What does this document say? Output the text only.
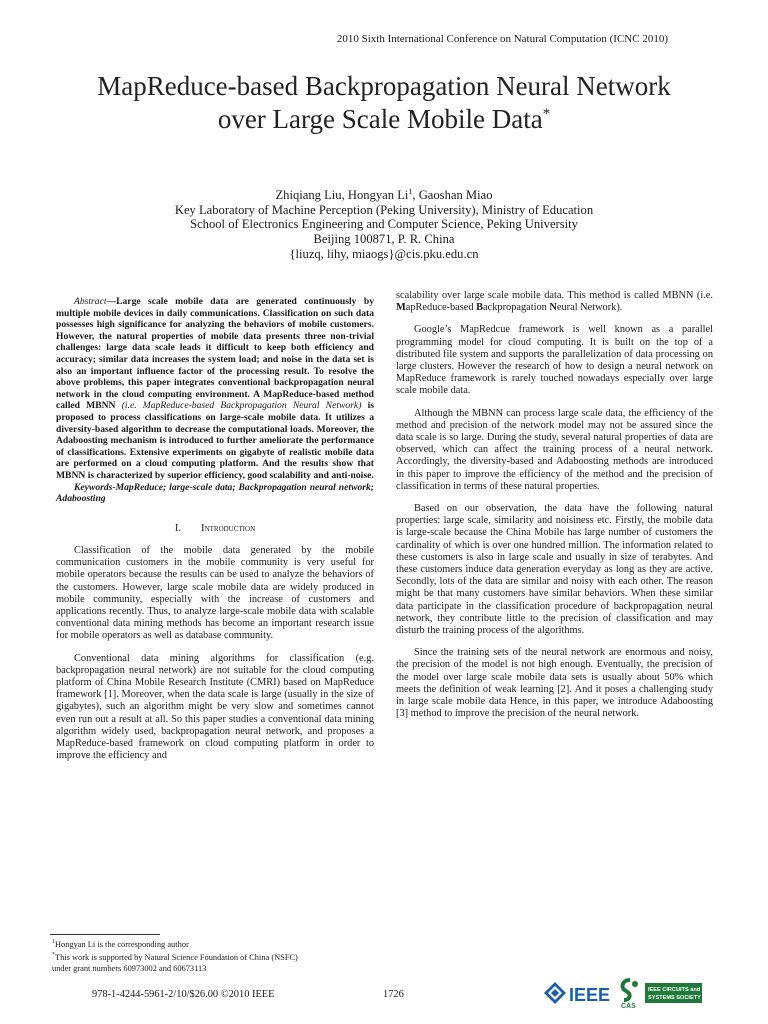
2010 Sixth International Conference on Natural Computation (ICNC 2010)
MapReduce-based Backpropagation Neural Network
over Large Scale Mobile Data*
Zhiqiang Liu, Hongyan Li$^1$, Gaoshan Miao
Key Laboratory of Machine Perception (Peking University), Ministry of Education
School of Electronics Engineering and Computer Science, Peking University
Beijing 100871, P. R. China
{liuzq, lihy, miaogs}@cis.pku.edu.cn

Abstract—Large scale mobile data are generated continuously by multiple mobile devices in daily communications. Classification on such data possesses high significance for analyzing the behaviors of mobile customers. However, the natural properties of mobile data presents three non-trivial challenges: large data scale leads it difficult to keep both efficiency and accuracy; similar data increases the system load; and noise in the data set is also an important influence factor of the processing result. To resolve the above problems, this paper integrates conventional backpropagation neural network in the cloud computing environment. A MapReduce-based method called MBNN (i.e. MapReduce-based Backpropagation Neural Network) is proposed to process classifications on large-scale mobile data. It utilizes a diversity-based algorithm to decrease the computational loads. Moreover, the Adaboosting mechanism is introduced to further ameliorate the performance of classifications. Extensive experiments on gigabyte of realistic mobile data are performed on a cloud computing platform. And the results show that MBNN is characterized by superior efficiency, good scalability and anti-noise.

Keywords-MapReduce; large-scale data; Backpropagation neural network; Adaboosting

I. Introduction

Classification of the mobile data generated by the mobile communication customers in the mobile community is very useful for mobile operators because the results can be used to analyze the behaviors of the customers. However, large scale mobile data are widely produced in mobile community, especially with the increase of customers and applications recently. Thus, to analyze large-scale mobile data with scalable conventional data mining methods has become an important research issue for mobile operators as well as database community.

Conventional data mining algorithms for classification (e.g. backpropagation neural network) are not suitable for the cloud computing platform of China Mobile Research Institute (CMRI) based on MapReduce framework [1]. Moreover, when the data scale is large (usually in the size of gigabytes), such an algorithm might be very slow and sometimes cannot even run out a result at all. So this paper studies a conventional data mining algorithm widely used, backpropagation neural network, and proposes a MapReduce-based framework on cloud computing platform in order to improve the efficiency and

scalability over large scale mobile data. This method is called MBNN (i.e. MapReduce-based Backpropagation Neural Network).

Google’s MapRedcue framework is well known as a parallel programming model for cloud computing. It is built on the top of a distributed file system and supports the parallelization of data processing on large clusters. However the research of how to design a neural network on MapReduce framework is rarely touched nowadays especially over large scale mobile data.

Although the MBNN can process large scale data, the efficiency of the method and precision of the network model may not be assured since the data scale is so large. During the study, several natural properties of data are observed, which can affect the training process of a neural network. Accordingly, the diversity-based and Adaboosting methods are introduced in this paper to improve the efficiency of the method and the precision of classification in terms of these natural properties.

Based on our observation, the data have the following natural properties: large scale, similarity and noisiness etc. Firstly, the mobile data is large-scale because the China Mobile has large number of customers the cardinality of which is over one hundred million. The information related to these customers is also in large scale and usually in size of terabytes. And these customers induce data generation everyday as long as they are active. Secondly, lots of the data are similar and noisy with each other. The reason might be that many customers have similar behaviors. When these similar data participate in the classification procedure of backpropagation neural network, they contribute little to the precision of classification and may disturb the training process of the algorithms.

Since the training sets of the neural network are enormous and noisy, the precision of the model is not high enough. Eventually, the precision of the model over large scale mobile data sets is usually about 50% which meets the definition of weak learning [2]. And it poses a challenging study in large scale mobile data Hence, in this paper, we introduce Adaboosting [3] method to improve the precision of the neural network.

$^1$Hongyan Li is the corresponding author
*This work is supported by Natural Science Foundation of China (NSFC)
under grant numbers 60973002 and 60673113
978-1-4244-5961-2/10/$26.00 ©2010 IEEE	1726	IEEE
CAS
IEEE CIRCUITS and
SYSTEMS SOCIETY
